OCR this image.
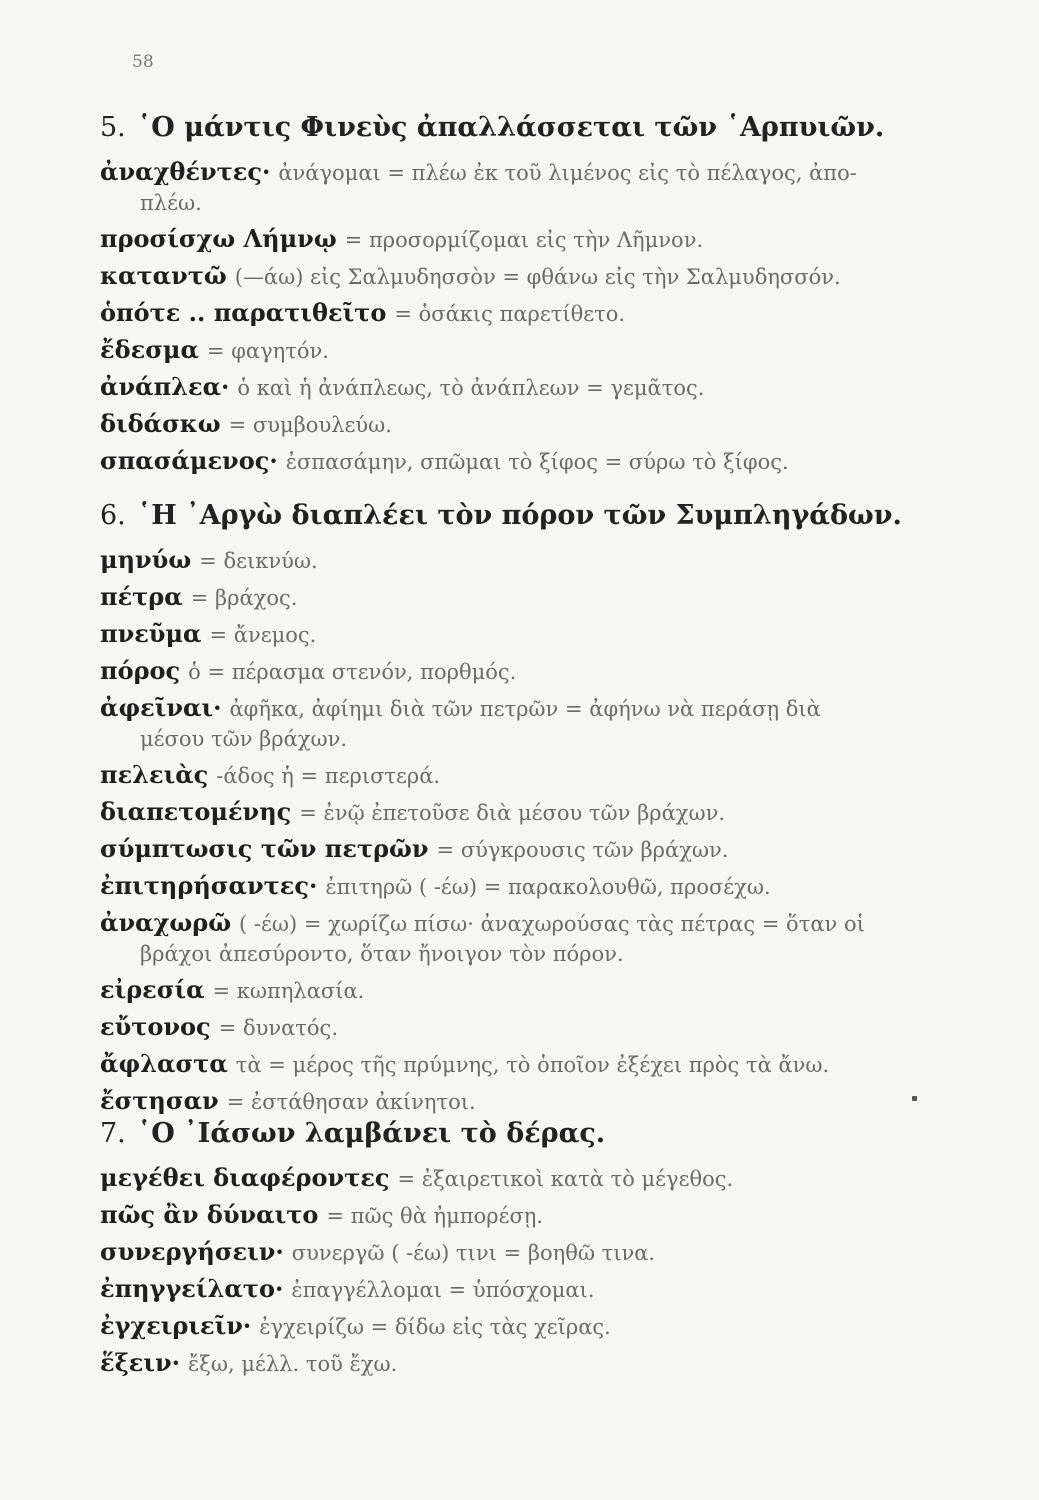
58
5. ῾Ο μάντις Φινεὺς ἀπαλλάσσεται τῶν ῾Αρπυιῶν.
ἀναχθέντες· ἀνάγομαι = πλέω ἐκ τοῦ λιμένος εἰς τὸ πέλαγος, ἀπο-
πλέω.
προσίσχω Λήμνῳ = προσορμίζομαι εἰς τὴν Λῆμνον.
καταντῶ (—άω) εἰς Σαλμυδησσὸν = φθάνω εἰς τὴν Σαλμυδησσόν.
ὁπότε .. παρατιθεῖτο = ὁσάκις παρετίθετο.
ἔδεσμα = φαγητόν.
ἀνάπλεα· ὁ καὶ ἡ ἀνάπλεως, τὸ ἀνάπλεων = γεμᾶτος.
διδάσκω = συμβουλεύω.
σπασάμενος· ἐσπασάμην, σπῶμαι τὸ ξίφος = σύρω τὸ ξίφος.
6. ῾Η ᾽Αργὼ διαπλέει τὸν πόρον τῶν Συμπληγάδων.
μηνύω = δεικνύω.
πέτρα = βράχος.
πνεῦμα = ἄνεμος.
πόρος ὁ = πέρασμα στενόν, πορθμός.
ἀφεῖναι· ἀφῆκα, ἀφίημι διὰ τῶν πετρῶν = ἀφήνω νὰ περάσῃ διὰ
μέσου τῶν βράχων.
πελειὰς -άδος ἡ = περιστερά.
διαπετομένης = ἐνῷ ἐπετοῦσε διὰ μέσου τῶν βράχων.
σύμπτωσις τῶν πετρῶν = σύγκρουσις τῶν βράχων.
ἐπιτηρήσαντες· ἐπιτηρῶ ( -έω) = παρακολουθῶ, προσέχω.
ἀναχωρῶ ( -έω) = χωρίζω πίσω· ἀναχωρούσας τὰς πέτρας = ὅταν οἱ
βράχοι ἀπεσύροντο, ὅταν ἤνοιγον τὸν πόρον.
εἰρεσία = κωπηλασία.
εὔτονος = δυνατός.
ἄφλαστα τὰ = μέρος τῆς πρύμνης, τὸ ὁποῖον ἐξέχει πρὸς τὰ ἄνω.
ἔστησαν = ἐστάθησαν ἀκίνητοι.
7. ῾Ο ᾽Ιάσων λαμβάνει τὸ δέρας.
μεγέθει διαφέροντες = ἐξαιρετικοὶ κατὰ τὸ μέγεθος.
πῶς ἂν δύναιτο = πῶς θὰ ἠμπορέσῃ.
συνεργήσειν· συνεργῶ ( -έω) τινι = βοηθῶ τινα.
ἐπηγγείλατο· ἐπαγγέλλομαι = ὑπόσχομαι.
ἐγχειριεῖν· ἐγχειρίζω = δίδω εἰς τὰς χεῖρας.
ἕξειν· ἔξω, μέλλ. τοῦ ἔχω.
